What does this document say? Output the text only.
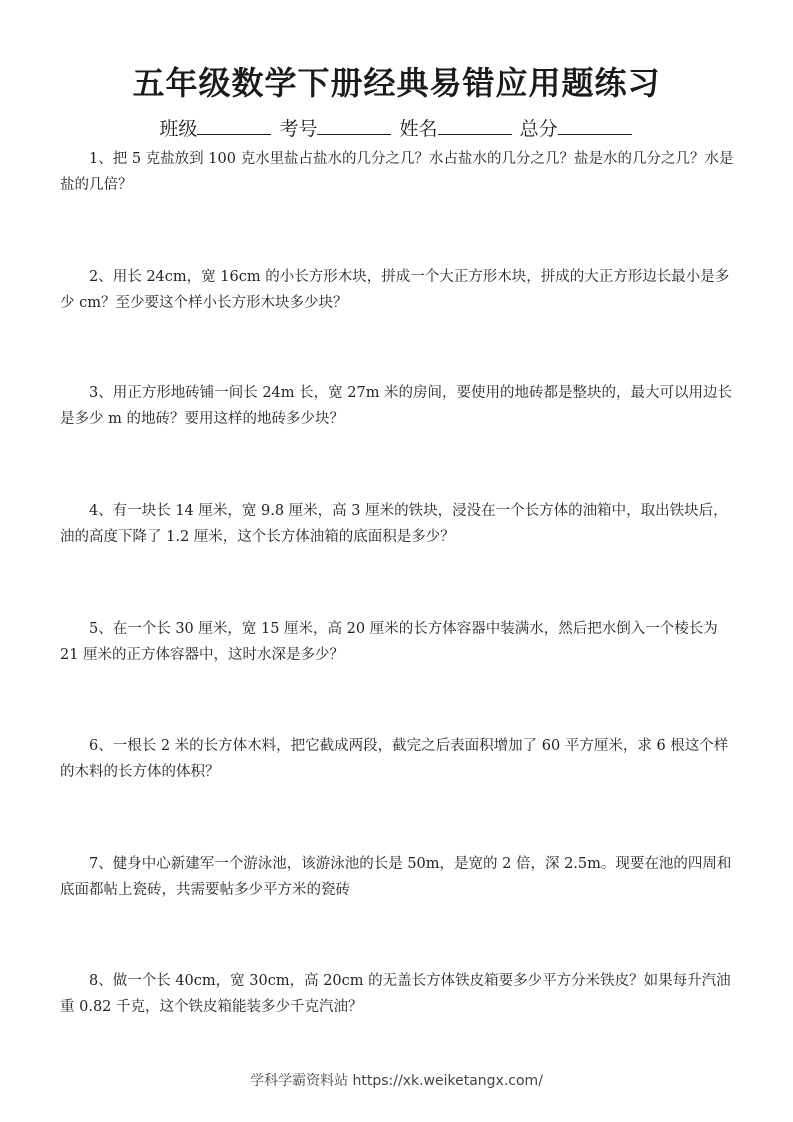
五年级数学下册经典易错应用题练习
班级	考号	姓名	总分
1、把 5 克盐放到 100 克水里盐占盐水的几分之几？水占盐水的几分之几？盐是水的几分之几？水是盐的几倍？
2、用长 24cm，宽 16cm 的小长方形木块，拼成一个大正方形木块，拼成的大正方形边长最小是多少 cm？至少要这个样小长方形木块多少块？
3、用正方形地砖铺一间长 24m 长，宽 27m 米的房间，要使用的地砖都是整块的，最大可以用边长是多少 m 的地砖？要用这样的地砖多少块？
4、有一块长 14 厘米，宽 9.8 厘米，高 3 厘米的铁块，浸没在一个长方体的油箱中，取出铁块后，油的高度下降了 1.2 厘米，这个长方体油箱的底面积是多少？
5、在一个长 30 厘米，宽 15 厘米，高 20 厘米的长方体容器中装满水，然后把水倒入一个棱长为 21 厘米的正方体容器中，这时水深是多少？
6、一根长 2 米的长方体木料，把它截成两段，截完之后表面积增加了 60 平方厘米，求 6 根这个样的木料的长方体的体积？
7、健身中心新建军一个游泳池，该游泳池的长是 50m，是宽的 2 倍，深 2.5m。现要在池的四周和底面都帖上瓷砖，共需要帖多少平方米的瓷砖
8、做一个长 40cm，宽 30cm，高 20cm 的无盖长方体铁皮箱要多少平方分米铁皮？如果每升汽油重 0.82 千克，这个铁皮箱能装多少千克汽油？
学科学霸资料站 https://xk.weiketangx.com/
